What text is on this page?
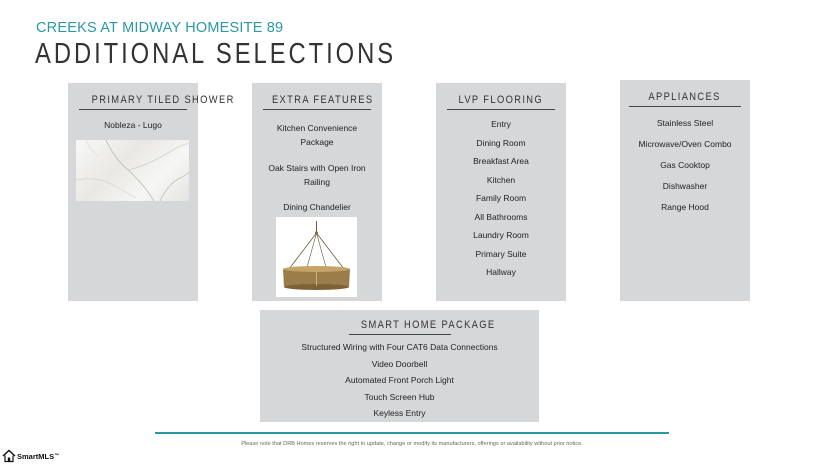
CREEKS AT MIDWAY HOMESITE 89
ADDITIONAL SELECTIONS
PRIMARY TILED SHOWER
Nobleza - Lugo
EXTRA FEATURES
Kitchen Convenience Package
Oak Stairs with Open Iron Railing
Dining Chandelier
LVP FLOORING
Entry
Dining Room
Breakfast Area
Kitchen
Family Room
All Bathrooms
Laundry Room
Primary Suite
Hallway
APPLIANCES
Stainless Steel
Microwave/Oven Combo
Gas Cooktop
Dishwasher
Range Hood
SMART HOME PACKAGE
Structured Wiring with Four CAT6 Data Connections
Video Doorbell
Automated Front Porch Light
Touch Screen Hub
Keyless Entry

Please note that DRB Homes reserves the right to update, change or modify its manufacturers, offerings or availability without prior notice.

SmartMLS ™
